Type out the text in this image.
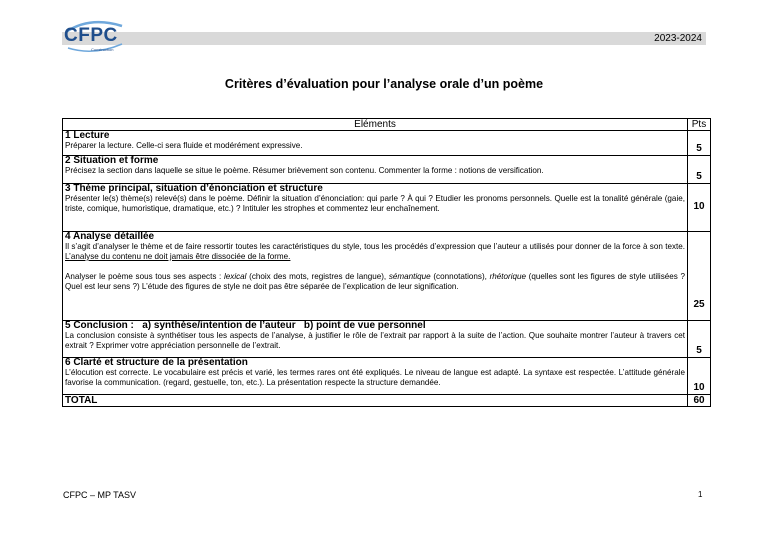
CFPC
Construction
2023-2024
Critères d’évaluation pour l’analyse orale d’un poème
Eléments	Pts

1 Lecture
Préparer la lecture. Celle-ci sera fluide et modérément expressive.	5

2 Situation et forme
Précisez la section dans laquelle se situe le poème. Résumer brièvement son contenu. Commenter la forme : notions de versification.	5

3 Thème principal, situation d’énonciation et structure
Présenter le(s) thème(s) relevé(s) dans le poème. Définir la situation d’énonciation: qui parle ? À qui ? Etudier les pronoms personnels. Quelle est la tonalité générale (gaie, triste, comique, humoristique, dramatique, etc.) ? Intituler les strophes et commentez leur enchaînement.	10

4 Analyse détaillée
Il s’agit d’analyser le thème et de faire ressortir toutes les caractéristiques du style, tous les procédés d’expression que l’auteur a utilisés pour donner de la force à son texte. L’analyse du contenu ne doit jamais être dissociée de la forme.
Analyser le poème sous tous ses aspects : lexical (choix des mots, registres de langue), sémantique (connotations), rhétorique (quelles sont les figures de style utilisées ? Quel est leur sens ?) L’étude des figures de style ne doit pas être séparée de l’explication de leur signification.	25

5 Conclusion :   a) synthèse/intention de l’auteur   b) point de vue personnel
La conclusion consiste à synthétiser tous les aspects de l’analyse, à justifier le rôle de l’extrait par rapport à la suite de l’action. Que souhaite montrer l’auteur à travers cet extrait ? Exprimer votre appréciation personnelle de l’extrait.	5

6 Clarté et structure de la présentation
L’élocution est correcte. Le vocabulaire est précis et varié, les termes rares ont été expliqués. Le niveau de langue est adapté. La syntaxe est respectée. L’attitude générale favorise la communication. (regard, gestuelle, ton, etc.). La présentation respecte la structure demandée.	10
TOTAL	60
CFPC – MP TASV	1
